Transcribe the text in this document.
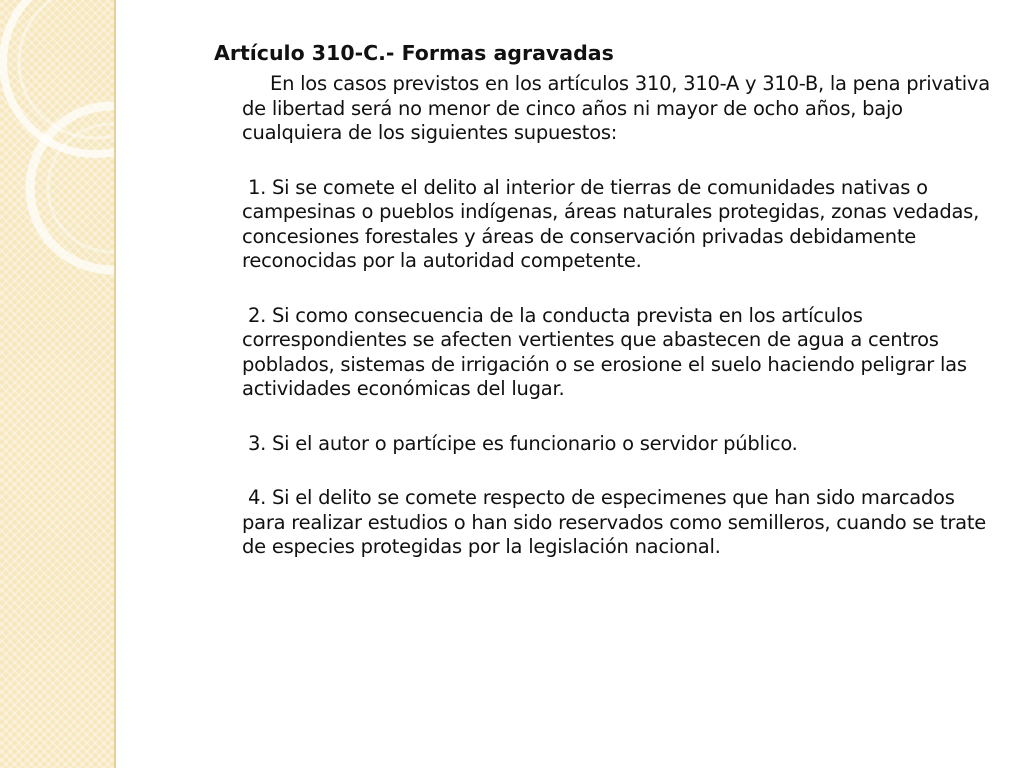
Artículo 310-C.- Formas agravadas

En los casos previstos en los artículos 310, 310-A y 310-B, la pena privativa de libertad será no menor de cinco años ni mayor de ocho años, bajo cualquiera de los siguientes supuestos:

1. Si se comete el delito al interior de tierras de comunidades nativas o campesinas o pueblos indígenas, áreas naturales protegidas, zonas vedadas, concesiones forestales y áreas de conservación privadas debidamente reconocidas por la autoridad competente.

2. Si como consecuencia de la conducta prevista en los artículos correspondientes se afecten vertientes que abastecen de agua a centros poblados, sistemas de irrigación o se erosione el suelo haciendo peligrar las actividades económicas del lugar.

3. Si el autor o partícipe es funcionario o servidor público.

4. Si el delito se comete respecto de especimenes que han sido marcados para realizar estudios o han sido reservados como semilleros, cuando se trate de especies protegidas por la legislación nacional.
